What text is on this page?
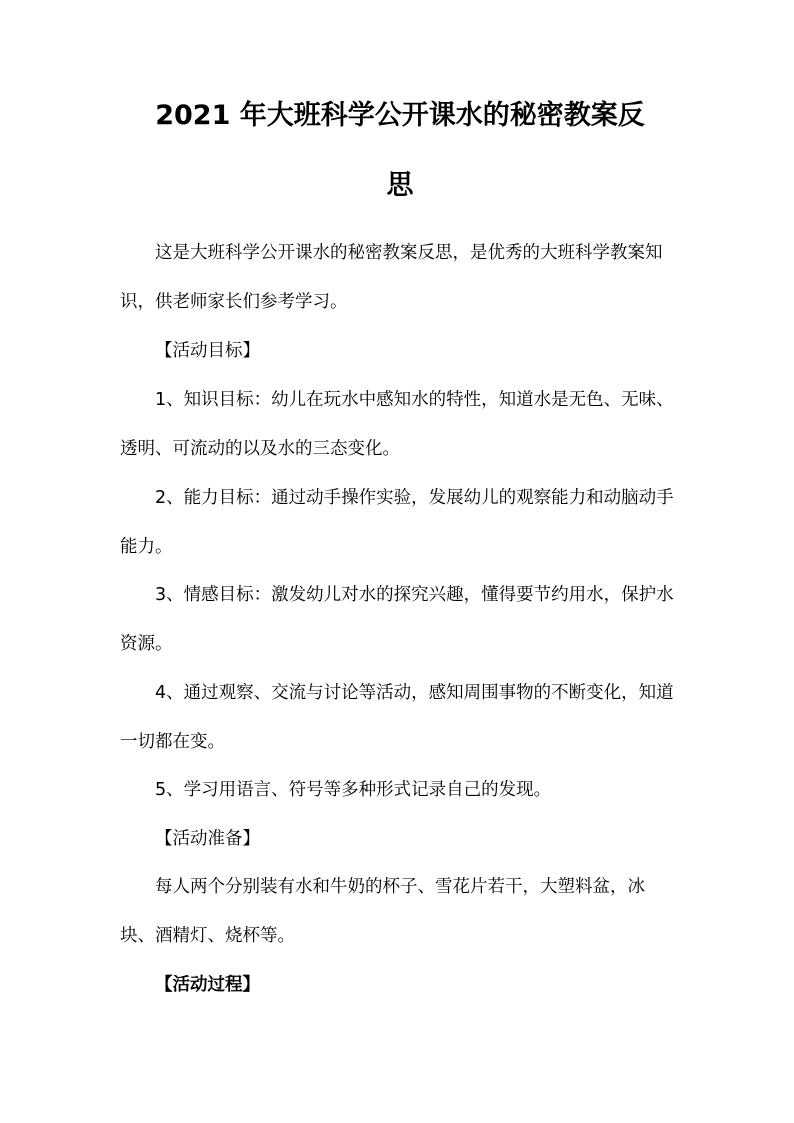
2021 年大班科学公开课水的秘密教案反
思

这是大班科学公开课水的秘密教案反思，是优秀的大班科学教案知识，供老师家长们参考学习。

【活动目标】

1、知识目标：幼儿在玩水中感知水的特性，知道水是无色、无味、透明、可流动的以及水的三态变化。

2、能力目标：通过动手操作实验，发展幼儿的观察能力和动脑动手能力。

3、情感目标：激发幼儿对水的探究兴趣，懂得要节约用水，保护水资源。

4、通过观察、交流与讨论等活动，感知周围事物的不断变化，知道一切都在变。

5、学习用语言、符号等多种形式记录自己的发现。

【活动准备】

每人两个分别装有水和牛奶的杯子、雪花片若干，大塑料盆，冰块、酒精灯、烧杯等。

【活动过程】
